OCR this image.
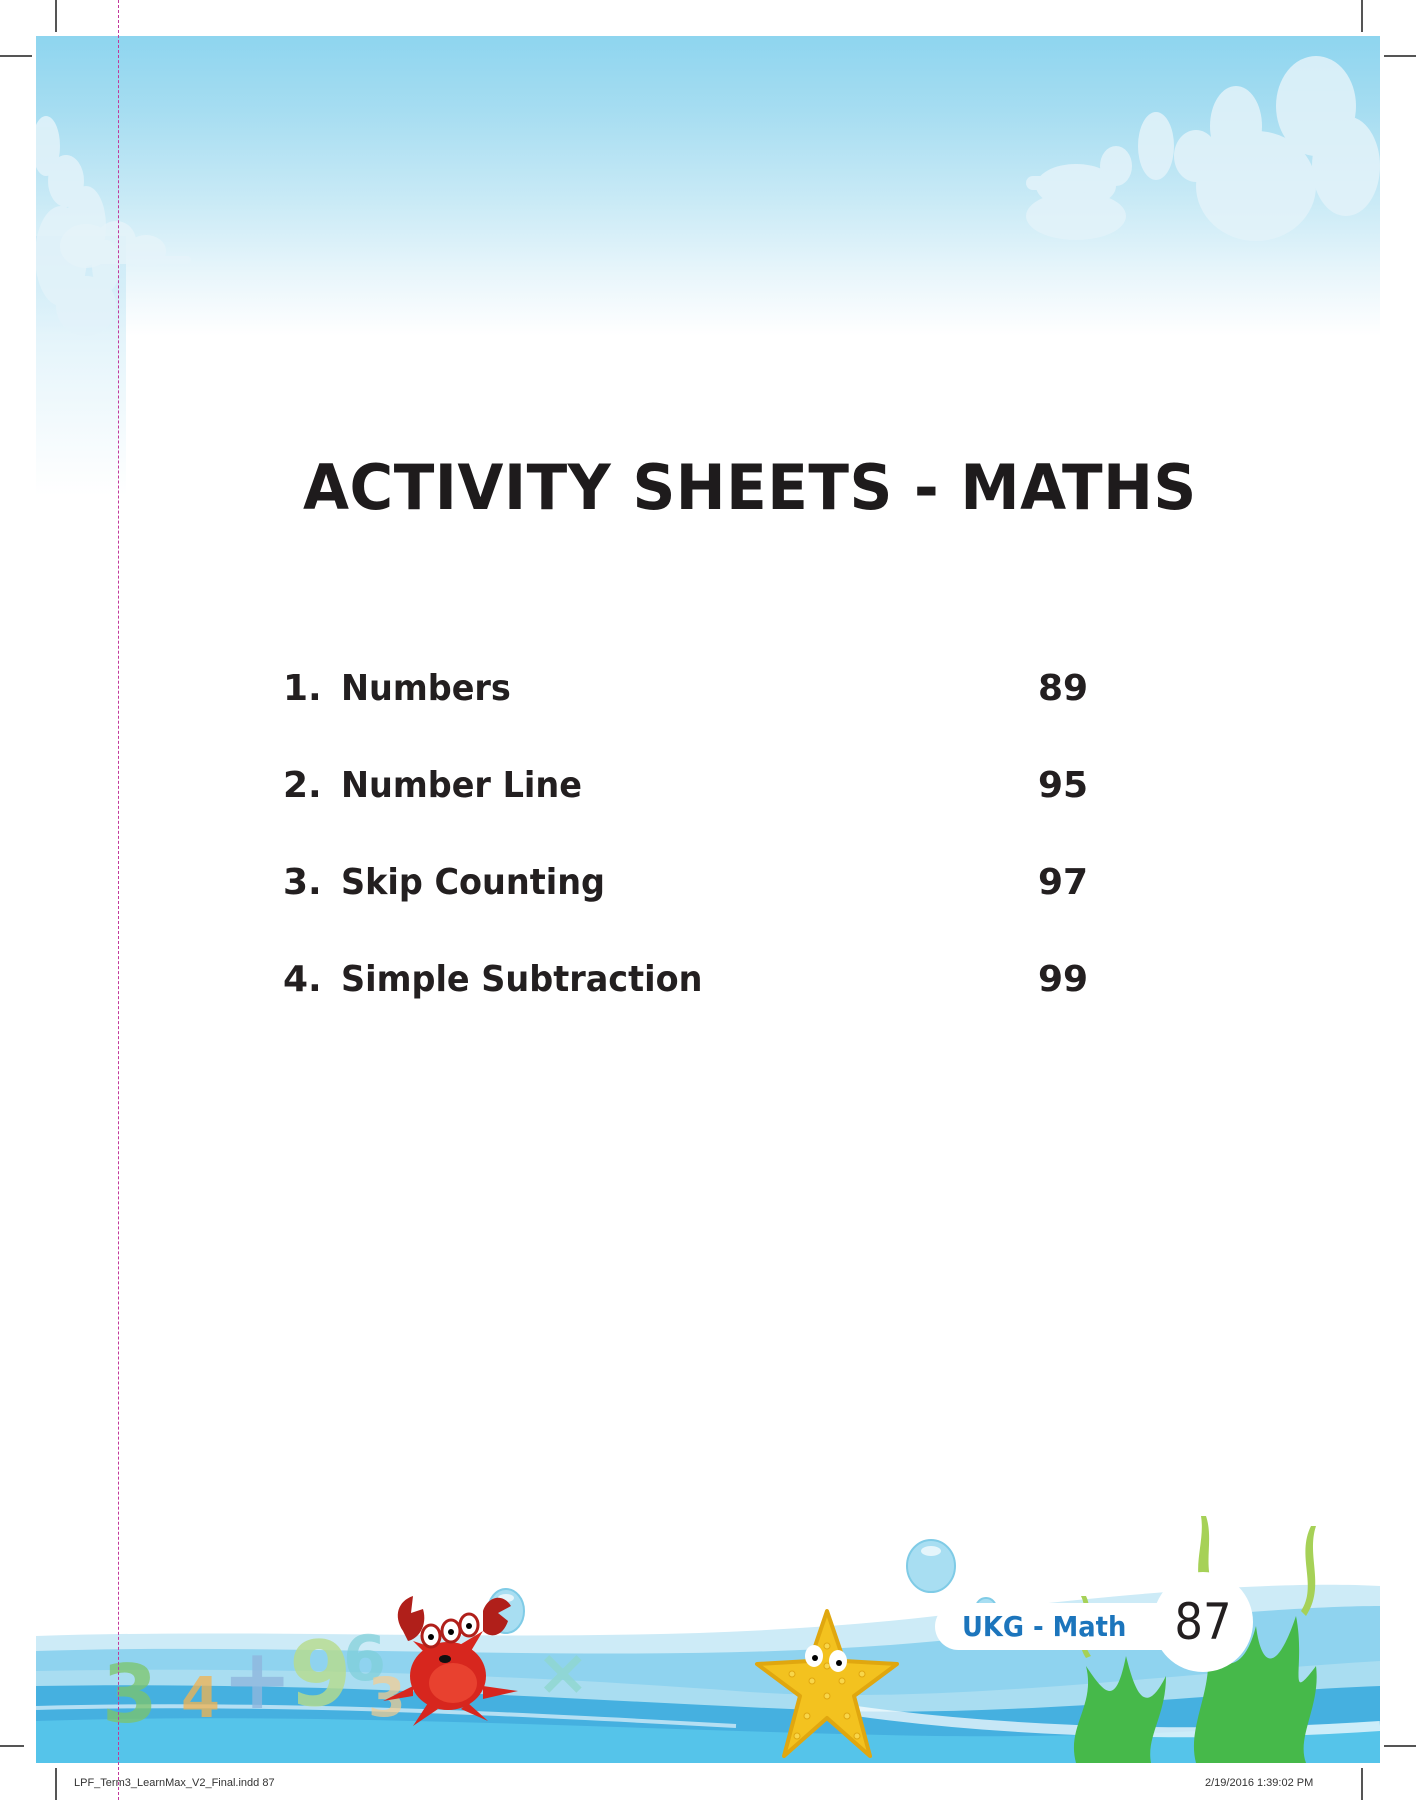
3 4 +
9
6
3 ×
UKG - Math 87
ACTIVITY SHEETS - MATHS
1. Numbers	89
2. Number Line	95
3. Skip Counting	97
4. Simple Subtraction	99
LPF_Term3_LearnMax_V2_Final.indd 87	2/19/2016 1:39:02 PM
